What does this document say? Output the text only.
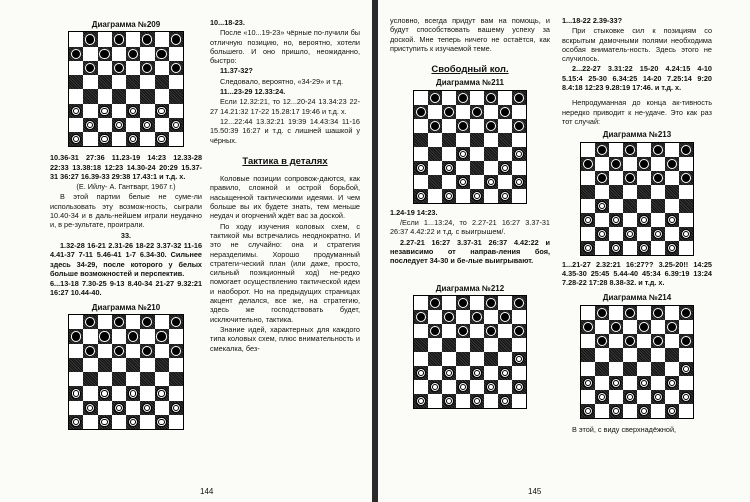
Диаграмма №209

10.36-31 27:36 11.23-19 14:23 12.33-28 22:33 13.38:18 12:23 14.30-24 20:29 15.37-31 36:27 16.39-33 29:38 17.43:1 и т.д. х.

(Е. Ийлу- А. Гантварг, 1967 г.)

В этой партии белые не суме-ли использовать эту возмож-ность, сыграли 10.40-34 и в даль-нейшем играли неудачно и, в ре-зультате, проиграли.

33.

1.32-28 16-21 2.31-26 18-22 3.37-32 11-16 4.41-37 7-11 5.46-41 1-7 6.34-30. Сильнее здесь 34-29, после которого у белых больше возможностей и перспектив.

6...13-18 7.30-25 9-13 8.40-34 21-27 9.32:21 16:27 10.44-40.

Диаграмма №210

10...18-23.

После «10...19-23» чёрные по-лучили бы отличную позицию, но, вероятно, хотели большего. И оно пришло, неожиданно, быстро:

11.37-32?

Следовало, вероятно, «34-29» и т.д.

11...23-29 12.33:24.

Если 12.32:21, то 12...20-24 13.34:23 22-27 14.21:32 17-22 15.28:17 19:46 и т.д. х.

12...22:44 13.32:21 19:39 14.43:34 11-16 15.50:39 16:27 и т.д. с лишней шашкой у чёрных.

Тактика в деталях

Коловые позиции сопровож-даются, как правило, сложной и острой борьбой, насыщенной тактическими идеями. И чем больше вы их будете знать, тем меньше неудач и огорчений ждёт вас за доской.

По ходу изучения коловых схем, с тактикой мы встречались неоднократно. И это не случайно: она и стратегия неразделимы. Хорошо продуманный стратеги-ческий план (или даже, просто, сильный позиционный ход) не-редко помогает осуществлению тактической идеи и наоборот. Но на предыдущих страницах акцент делался, все же, на стратегию, здесь же господствовать будет, исключительно, тактика.

Знание идей, характерных для каждого типа коловых схем, плюс внимательность и смекалка, без-

144

условно, всегда придут вам на помощь, и будут способствовать вашему успеху за доской. Мне теперь ничего не остаётся, как приступить к изучаемой теме.

Свободный кол.
Диаграмма №211

1.24-19 14:23.

/Если 1...13:24, то 2.27-21 16:27 3.37-31 26:37 4.42:22 и т.д. с выигрышем/.

2.27-21 16:27 3.37-31 26:37 4.42:22 и независимо от направ-ления боя, последует 34-30 и бе-лые выигрывают.

Диаграмма №212

1...18-22 2.39-33?

При стыковке сил к позициям со вскрытым дамочными полями необходима особая вниматель-ность. Здесь этого не случилось.

2...22-27 3.31:22 15-20 4.24:15 4-10 5.15:4 25-30 6.34:25 14-20 7.25:14 9:20 8.4:18 12:23 9.28:19 17:46. и т.д. х.

Непродуманная до конца ак-тивность нередко приводит к не-удаче. Это как раз тот случай:

Диаграмма №213

1...21-27 2.32:21 16:27?? 3.25-20!! 14:25 4.35-30 25:45 5.44-40 45:34 6.39:19 13:24 7.28-22 17:28 8.38-32. и т.д. х.

Диаграмма №214

В этой, с виду сверхнадёжной,

145
